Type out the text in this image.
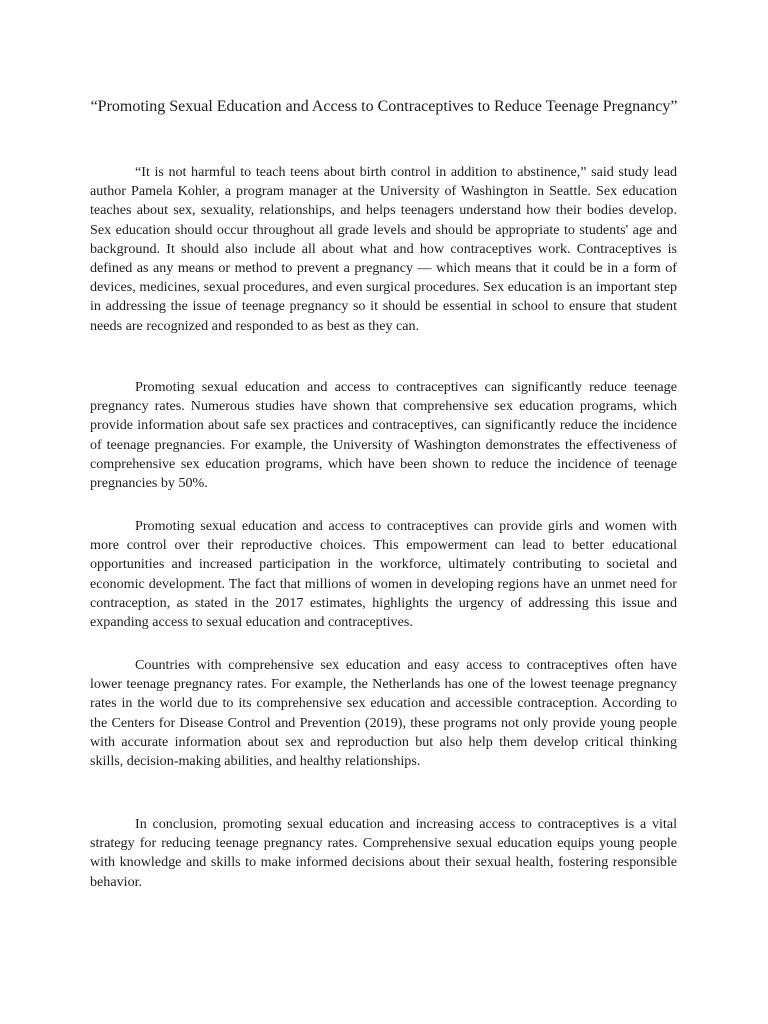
“Promoting Sexual Education and Access to Contraceptives to Reduce Teenage Pregnancy”

“It is not harmful to teach teens about birth control in addition to abstinence,” said study lead author Pamela Kohler, a program manager at the University of Washington in Seattle. Sex education teaches about sex, sexuality, relationships, and helps teenagers understand how their bodies develop. Sex education should occur throughout all grade levels and should be appropriate to students' age and background. It should also include all about what and how contraceptives work. Contraceptives is defined as any means or method to prevent a pregnancy — which means that it could be in a form of devices, medicines, sexual procedures, and even surgical procedures. Sex education is an important step in addressing the issue of teenage pregnancy so it should be essential in school to ensure that student needs are recognized and responded to as best as they can.

Promoting sexual education and access to contraceptives can significantly reduce teenage pregnancy rates. Numerous studies have shown that comprehensive sex education programs, which provide information about safe sex practices and contraceptives, can significantly reduce the incidence of teenage pregnancies. For example, the University of Washington demonstrates the effectiveness of comprehensive sex education programs, which have been shown to reduce the incidence of teenage pregnancies by 50%.

Promoting sexual education and access to contraceptives can provide girls and women with more control over their reproductive choices. This empowerment can lead to better educational opportunities and increased participation in the workforce, ultimately contributing to societal and economic development. The fact that millions of women in developing regions have an unmet need for contraception, as stated in the 2017 estimates, highlights the urgency of addressing this issue and expanding access to sexual education and contraceptives.

Countries with comprehensive sex education and easy access to contraceptives often have lower teenage pregnancy rates. For example, the Netherlands has one of the lowest teenage pregnancy rates in the world due to its comprehensive sex education and accessible contraception. According to the Centers for Disease Control and Prevention (2019), these programs not only provide young people with accurate information about sex and reproduction but also help them develop critical thinking skills, decision-making abilities, and healthy relationships.

In conclusion, promoting sexual education and increasing access to contraceptives is a vital strategy for reducing teenage pregnancy rates. Comprehensive sexual education equips young people with knowledge and skills to make informed decisions about their sexual health, fostering responsible behavior.
